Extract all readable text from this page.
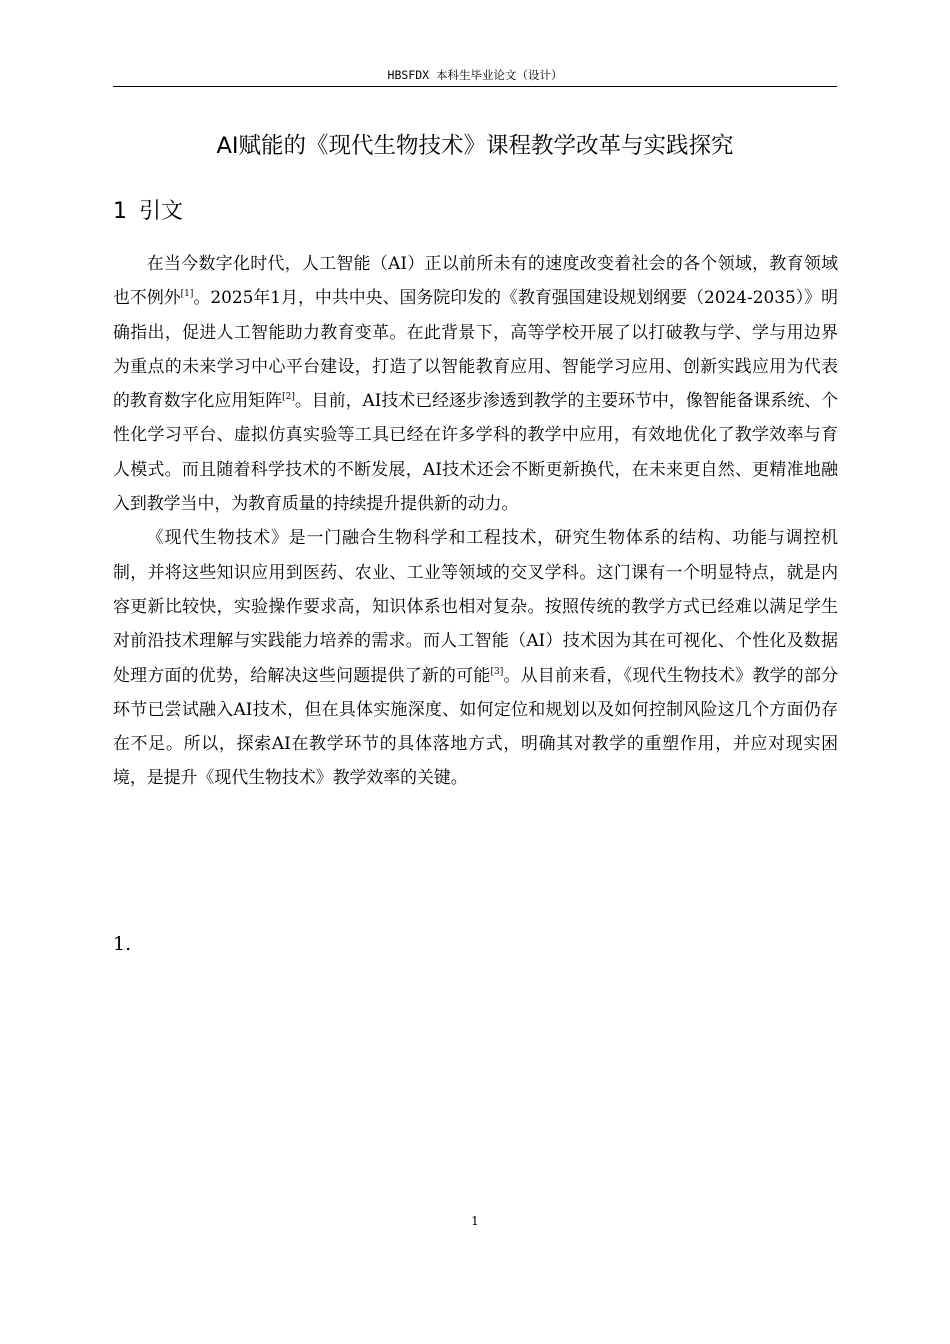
HBSFDX 本科生毕业论文（设计）
AI赋能的《现代生物技术》课程教学改革与实践探究
1 引文

在当今数字化时代，人工智能（AI）正以前所未有的速度改变着社会的各个领域，教育领域也不例外[1]。2025年1月，中共中央、国务院印发的《教育强国建设规划纲要（2024-2035）》明确指出，促进人工智能助力教育变革。在此背景下，高等学校开展了以打破教与学、学与用边界为重点的未来学习中心平台建设，打造了以智能教育应用、智能学习应用、创新实践应用为代表的教育数字化应用矩阵[2]。目前，AI技术已经逐步渗透到教学的主要环节中，像智能备课系统、个性化学习平台、虚拟仿真实验等工具已经在许多学科的教学中应用，有效地优化了教学效率与育人模式。而且随着科学技术的不断发展，AI技术还会不断更新换代，在未来更自然、更精准地融入到教学当中，为教育质量的持续提升提供新的动力。

《现代生物技术》是一门融合生物科学和工程技术，研究生物体系的结构、功能与调控机制，并将这些知识应用到医药、农业、工业等领域的交叉学科。这门课有一个明显特点，就是内容更新比较快，实验操作要求高，知识体系也相对复杂。按照传统的教学方式已经难以满足学生对前沿技术理解与实践能力培养的需求。而人工智能（AI）技术因为其在可视化、个性化及数据处理方面的优势，给解决这些问题提供了新的可能[3]。从目前来看，《现代生物技术》教学的部分环节已尝试融入AI技术，但在具体实施深度、如何定位和规划以及如何控制风险这几个方面仍存在不足。所以，探索AI在教学环节的具体落地方式，明确其对教学的重塑作用，并应对现实困境，是提升《现代生物技术》教学效率的关键。

1.
1
